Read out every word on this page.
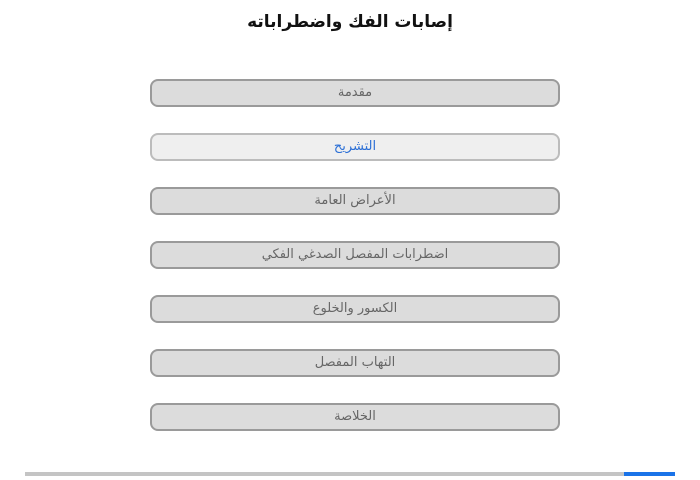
إصابات الفك واضطراباته
مقدمة
التشريح
الأعراض العامة
اضطرابات المفصل الصدغي الفكي
الكسور والخلوع
التهاب المفصل
الخلاصة
